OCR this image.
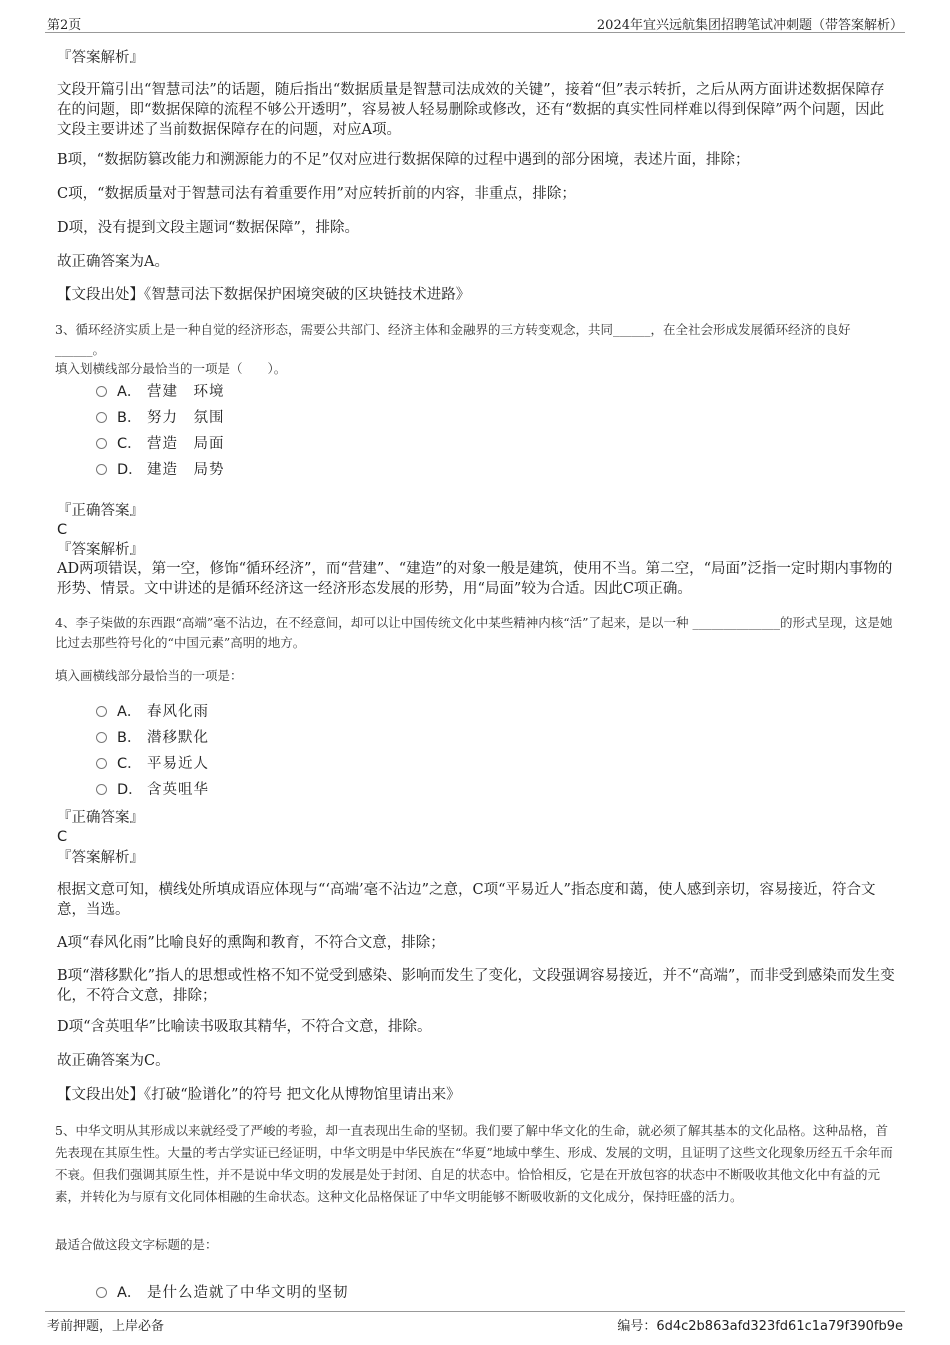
第2页	2024年宜兴远航集团招聘笔试冲刺题（带答案解析）
『答案解析』
文段开篇引出“智慧司法”的话题，随后指出“数据质量是智慧司法成效的关键”，接着“但”表示转折，之后从两方面讲述数据保障存在的问题，即“数据保障的流程不够公开透明”，容易被人轻易删除或修改，还有“数据的真实性同样难以得到保障”两个问题，因此文段主要讲述了当前数据保障存在的问题，对应A项。
B项，“数据防篡改能力和溯源能力的不足”仅对应进行数据保障的过程中遇到的部分困境，表述片面，排除；
C项，“数据质量对于智慧司法有着重要作用”对应转折前的内容，非重点，排除；
D项，没有提到文段主题词“数据保障”，排除。
故正确答案为A。
【文段出处】《智慧司法下数据保护困境突破的区块链技术进路》
3、循环经济实质上是一种自觉的经济形态，需要公共部门、经济主体和金融界的三方转变观念，共同______，在全社会形成发展循环经济的良好______。
填入划横线部分最恰当的一项是（　　）。
A． 营建　环境
B． 努力　氛围
C． 营造　局面
D． 建造　局势
『正确答案』
C
『答案解析』
AD两项错误，第一空，修饰“循环经济”，而“营建”、“建造”的对象一般是建筑，使用不当。第二空，“局面”泛指一定时期内事物的形势、情景。文中讲述的是循环经济这一经济形态发展的形势，用“局面”较为合适。因此C项正确。
4、李子柒做的东西跟“高端”毫不沾边，在不经意间，却可以让中国传统文化中某些精神内核“活”了起来，是以一种 ______________的形式呈现，这是她比过去那些符号化的“中国元素”高明的地方。
填入画横线部分最恰当的一项是：
A． 春风化雨
B． 潜移默化
C． 平易近人
D． 含英咀华
『正确答案』
C
『答案解析』
根据文意可知，横线处所填成语应体现与“‘高端’毫不沾边”之意，C项“平易近人”指态度和蔼，使人感到亲切，容易接近，符合文意，当选。
A项“春风化雨”比喻良好的熏陶和教育，不符合文意，排除；
B项“潜移默化”指人的思想或性格不知不觉受到感染、影响而发生了变化，文段强调容易接近，并不“高端”，而非受到感染而发生变化，不符合文意，排除；
D项“含英咀华”比喻读书吸取其精华，不符合文意，排除。
故正确答案为C。
【文段出处】《打破“脸谱化”的符号 把文化从博物馆里请出来》
5、中华文明从其形成以来就经受了严峻的考验，却一直表现出生命的坚韧。我们要了解中华文化的生命，就必须了解其基本的文化品格。这种品格，首先表现在其原生性。大量的考古学实证已经证明，中华文明是中华民族在“华夏”地域中孳生、形成、发展的文明，且证明了这些文化现象历经五千余年而不衰。但我们强调其原生性，并不是说中华文明的发展是处于封闭、自足的状态中。恰恰相反，它是在开放包容的状态中不断吸收其他文化中有益的元素，并转化为与原有文化同体相融的生命状态。这种文化品格保证了中华文明能够不断吸收新的文化成分，保持旺盛的活力。
最适合做这段文字标题的是：
A． 是什么造就了中华文明的坚韧
考前押题，上岸必备	编号：6d4c2b863afd323fd61c1a79f390fb9e
